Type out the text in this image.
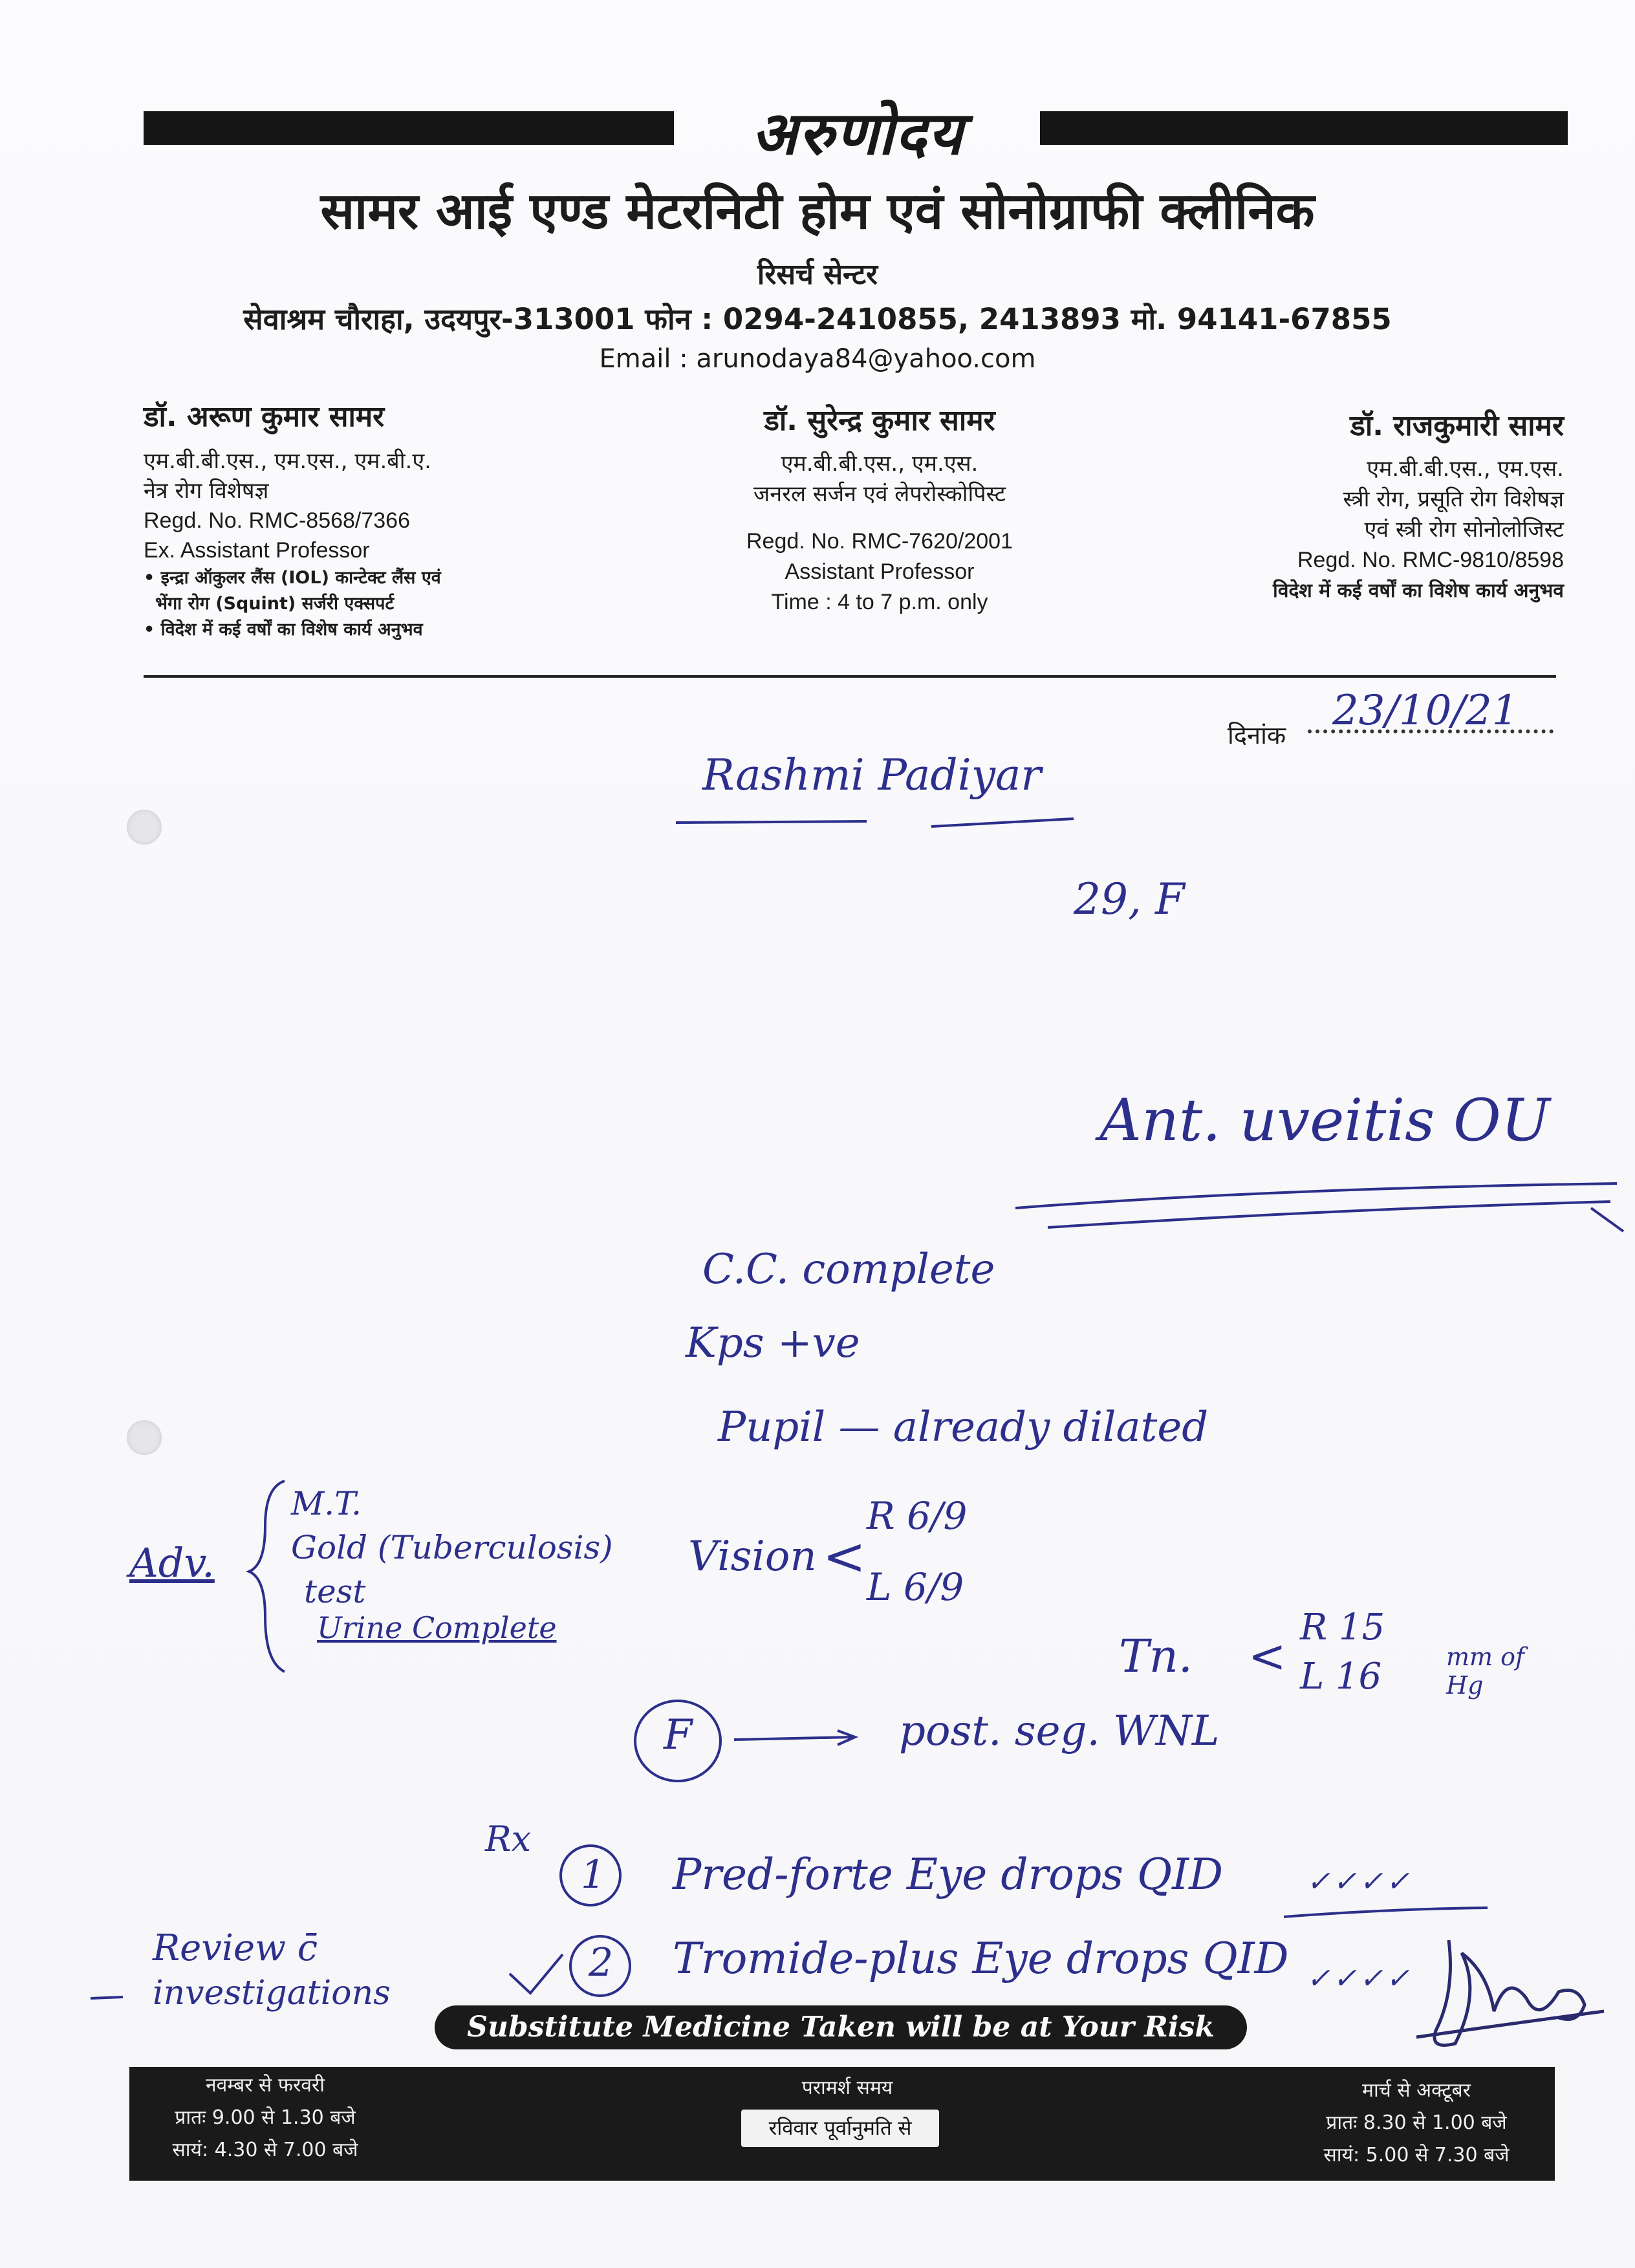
अरुणोदय
सामर आई एण्ड मेटरनिटी होम एवं सोनोग्राफी क्लीनिक
रिसर्च सेन्टर
सेवाश्रम चौराहा, उदयपुर-313001 फोन : 0294-2410855, 2413893 मो. 94141-67855
Email : arunodaya84@yahoo.com
डॉ. अरूण कुमार सामर
एम.बी.बी.एस., एम.एस., एम.बी.ए.
नेत्र रोग विशेषज्ञ
Regd. No. RMC-8568/7366
Ex. Assistant Professor
• इन्द्रा ऑकुलर लैंस (IOL) कान्टेक्ट लैंस एवं
भेंगा रोग (Squint) सर्जरी एक्सपर्ट
• विदेश में कई वर्षों का विशेष कार्य अनुभव
डॉ. सुरेन्द्र कुमार सामर
एम.बी.बी.एस., एम.एस.
जनरल सर्जन एवं लेपरोस्कोपिस्ट
Regd. No. RMC-7620/2001
Assistant Professor
Time : 4 to 7 p.m. only
डॉ. राजकुमारी सामर
एम.बी.बी.एस., एम.एस.
स्त्री रोग, प्रसूति रोग विशेषज्ञ
एवं स्त्री रोग सोनोलोजिस्ट
Regd. No. RMC-9810/8598
विदेश में कई वर्षों का विशेष कार्य अनुभव
दिनांक
23/10/21
Rashmi Padiyar
29, F
Ant. uveitis OU
C.C. complete
Kps +ve
Pupil — already dilated
Vision <
R 6/9
L 6/9
Adv.
M.T.
Gold (Tuberculosis)
test
Urine Complete
Tn. <
R 15
L 16	mm of Hg
F	post. seg. WNL
Rx
1 Pred-forte Eye drops QID	✓✓✓✓
2 Tromide-plus Eye drops QID ✓✓✓✓
Review c̄
investigations
Substitute Medicine Taken will be at Your Risk
नवम्बर से फरवरी
प्रातः 9.00 से 1.30 बजे
सायं: 4.30 से 7.00 बजे
परामर्श समय
रविवार पूर्वानुमति से
मार्च से अक्टूबर
प्रातः 8.30 से 1.00 बजे
सायं: 5.00 से 7.30 बजे
